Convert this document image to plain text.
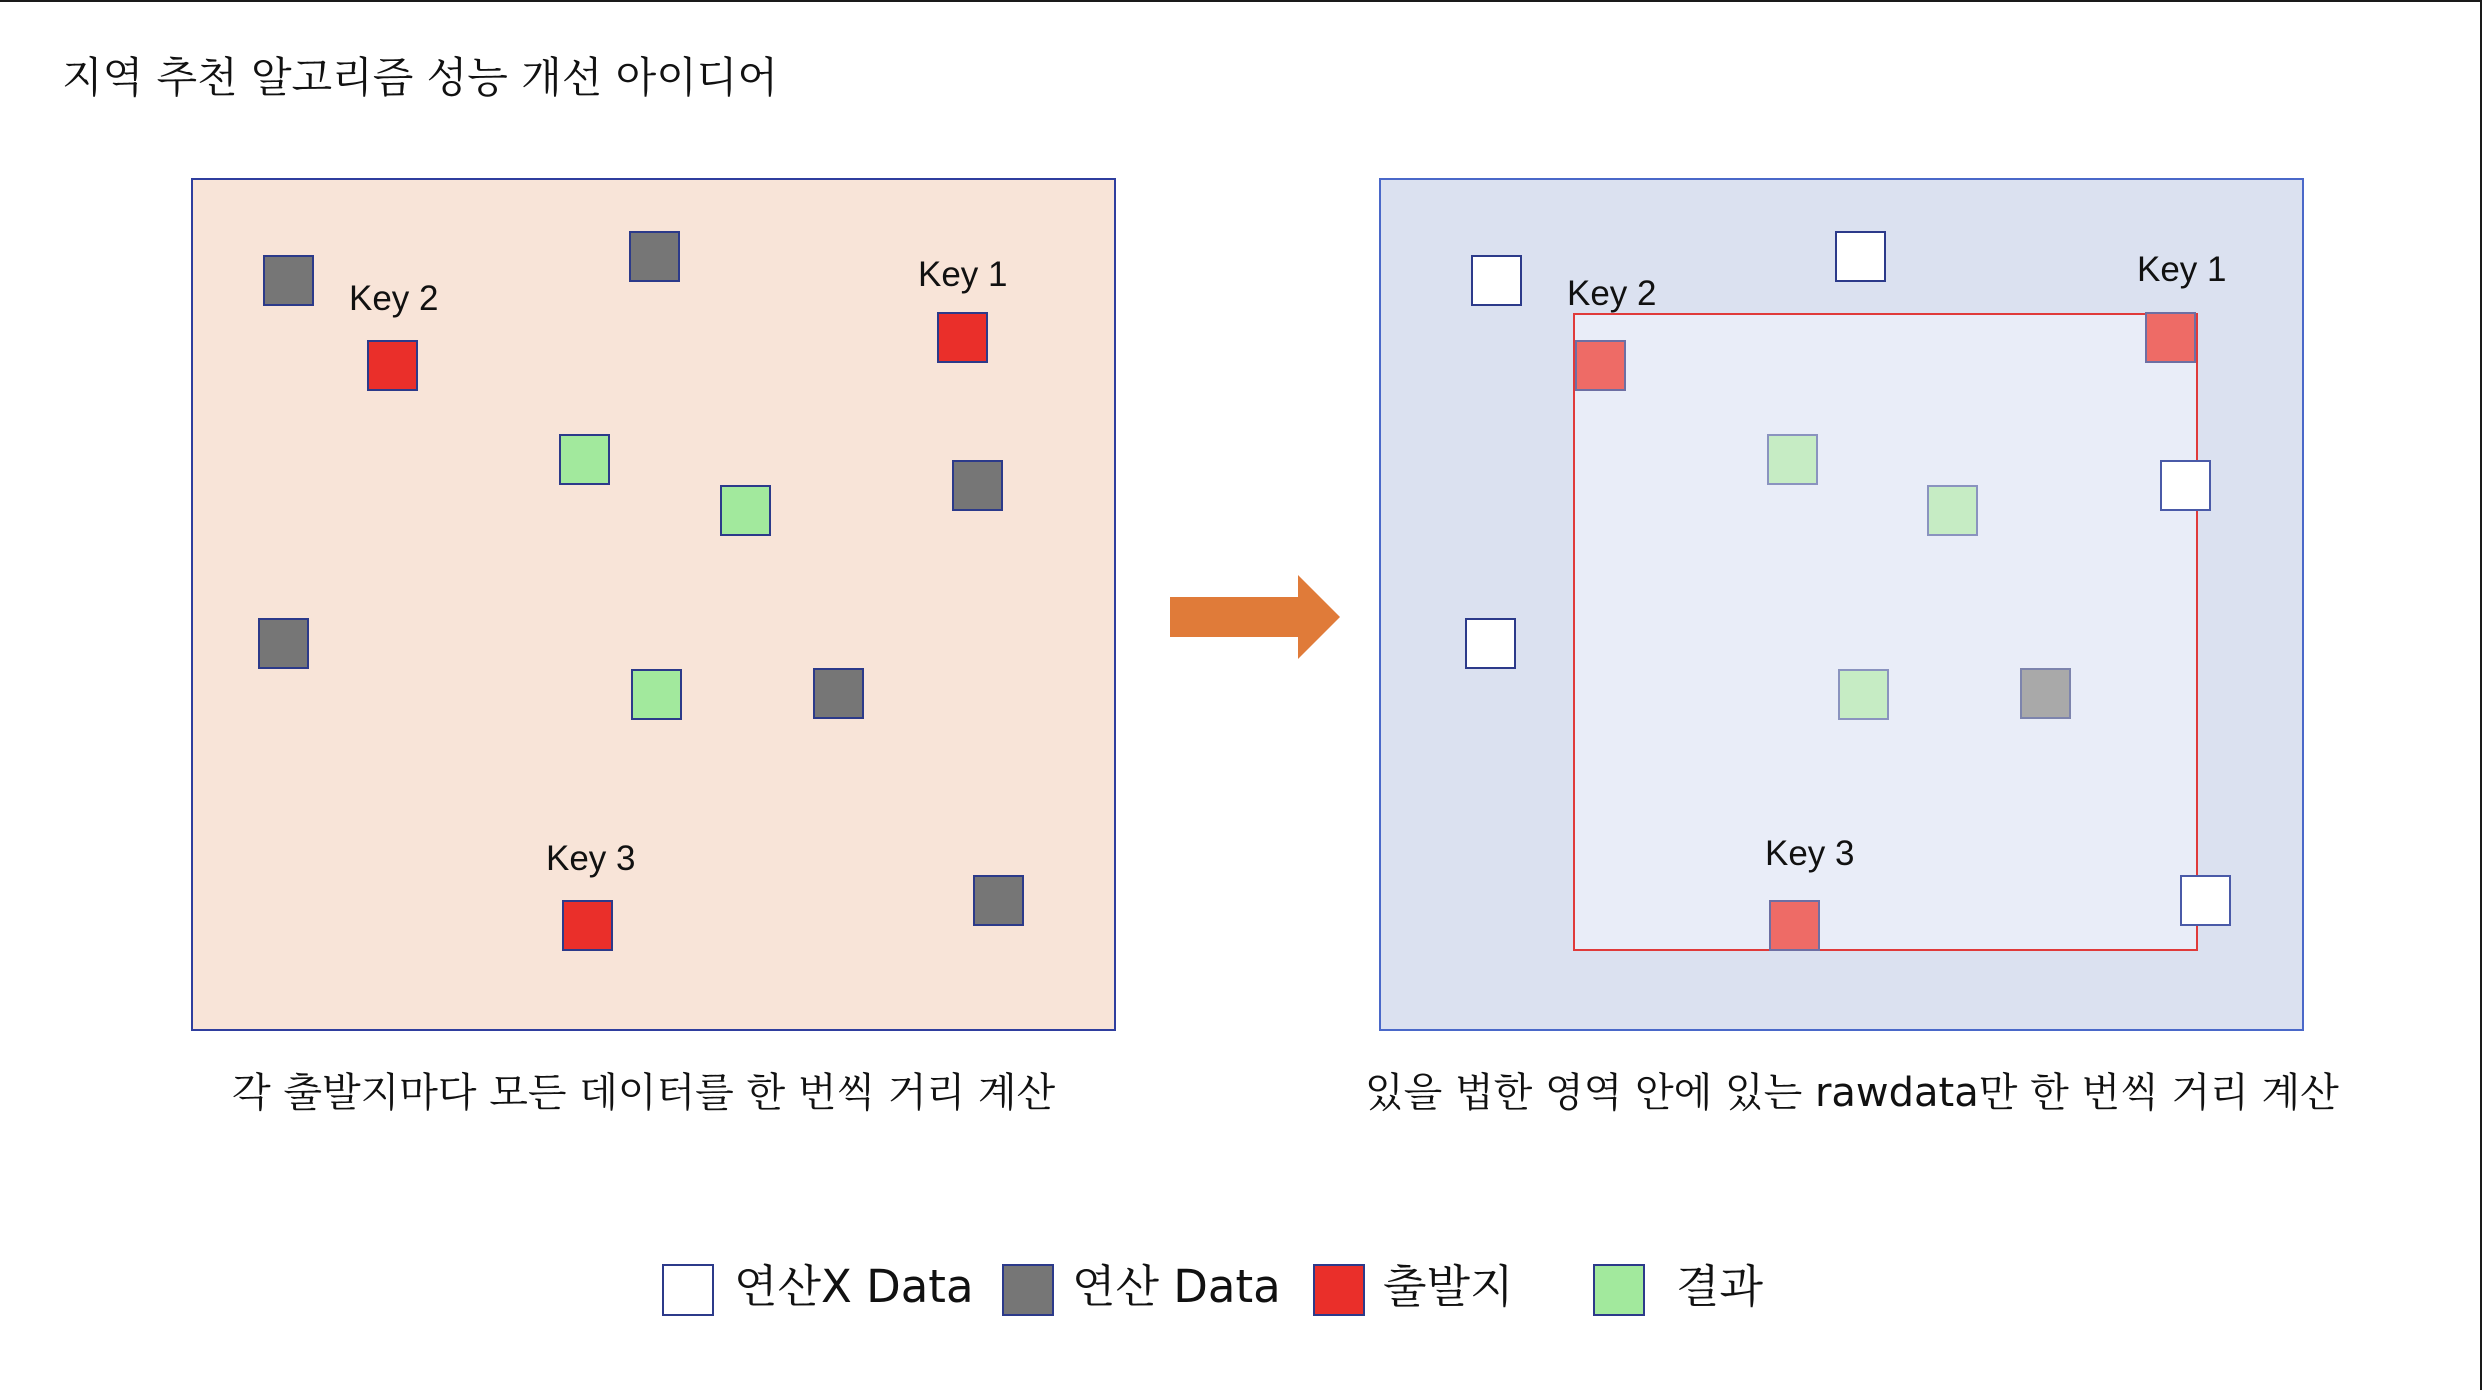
지역 추천 알고리즘 성능 개선 아이디어
Key 2
Key 1
Key 3
각 출발지마다 모든 데이터를 한 번씩 거리 계산
Key 2
Key 1
Key 3
있을 법한 영역 안에 있는 rawdata만 한 번씩 거리 계산
연산X Data 연산 Data 출발지	결과
